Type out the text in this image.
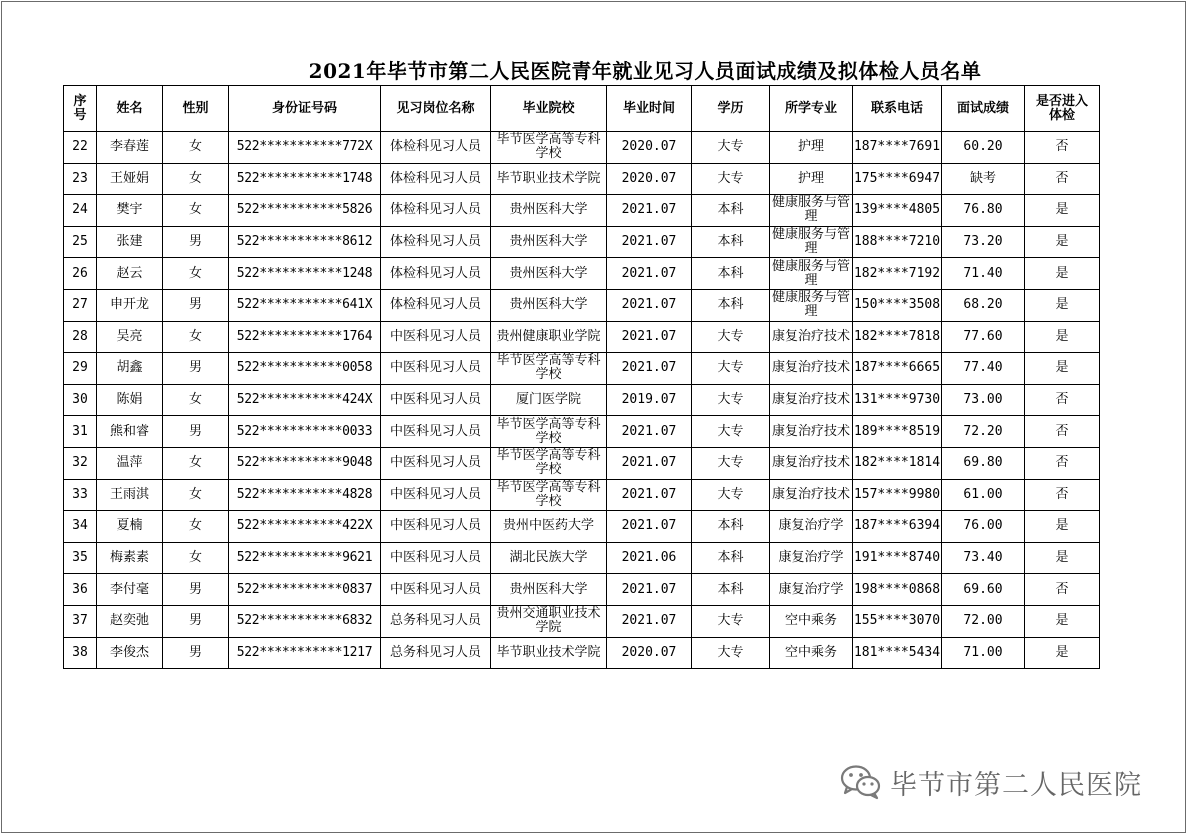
2021年毕节市第二人民医院青年就业见习人员面试成绩及拟体检人员名单
序号	姓名	性别	身份证号码	见习岗位名称	毕业院校	毕业时间	学历	所学专业	联系电话	面试成绩	是否进入体检
22	李春莲	女	522***********772X	体检科见习人员	毕节医学高等专科学校	2020.07	大专	护理	187****7691	60.20	否
23	王娅娟	女	522***********1748	体检科见习人员	毕节职业技术学院	2020.07	大专	护理	175****6947	缺考	否
24	樊宇	女	522***********5826	体检科见习人员	贵州医科大学	2021.07	本科	健康服务与管理	139****4805	76.80	是
25	张建	男	522***********8612	体检科见习人员	贵州医科大学	2021.07	本科	健康服务与管理	188****7210	73.20	是
26	赵云	女	522***********1248	体检科见习人员	贵州医科大学	2021.07	本科	健康服务与管理	182****7192	71.40	是
27	申开龙	男	522***********641X	体检科见习人员	贵州医科大学	2021.07	本科	健康服务与管理	150****3508	68.20	是
28	吴亮	女	522***********1764	中医科见习人员	贵州健康职业学院	2021.07	大专	康复治疗技术	182****7818	77.60	是
29	胡鑫	男	522***********0058	中医科见习人员	毕节医学高等专科学校	2021.07	大专	康复治疗技术	187****6665	77.40	是
30	陈娟	女	522***********424X	中医科见习人员	厦门医学院	2019.07	大专	康复治疗技术	131****9730	73.00	否
31	熊和睿	男	522***********0033	中医科见习人员	毕节医学高等专科学校	2021.07	大专	康复治疗技术	189****8519	72.20	否
32	温萍	女	522***********9048	中医科见习人员	毕节医学高等专科学校	2021.07	大专	康复治疗技术	182****1814	69.80	否
33	王雨淇	女	522***********4828	中医科见习人员	毕节医学高等专科学校	2021.07	大专	康复治疗技术	157****9980	61.00	否
34	夏楠	女	522***********422X	中医科见习人员	贵州中医药大学	2021.07	本科	康复治疗学	187****6394	76.00	是
35	梅素素	女	522***********9621	中医科见习人员	湖北民族大学	2021.06	本科	康复治疗学	191****8740	73.40	是
36	李付毫	男	522***********0837	中医科见习人员	贵州医科大学	2021.07	本科	康复治疗学	198****0868	69.60	否
37	赵奕弛	男	522***********6832	总务科见习人员	贵州交通职业技术学院	2021.07	大专	空中乘务	155****3070	72.00	是
38	李俊杰	男	522***********1217	总务科见习人员	毕节职业技术学院	2020.07	大专	空中乘务	181****5434	71.00	是
毕节市第二人民医院
